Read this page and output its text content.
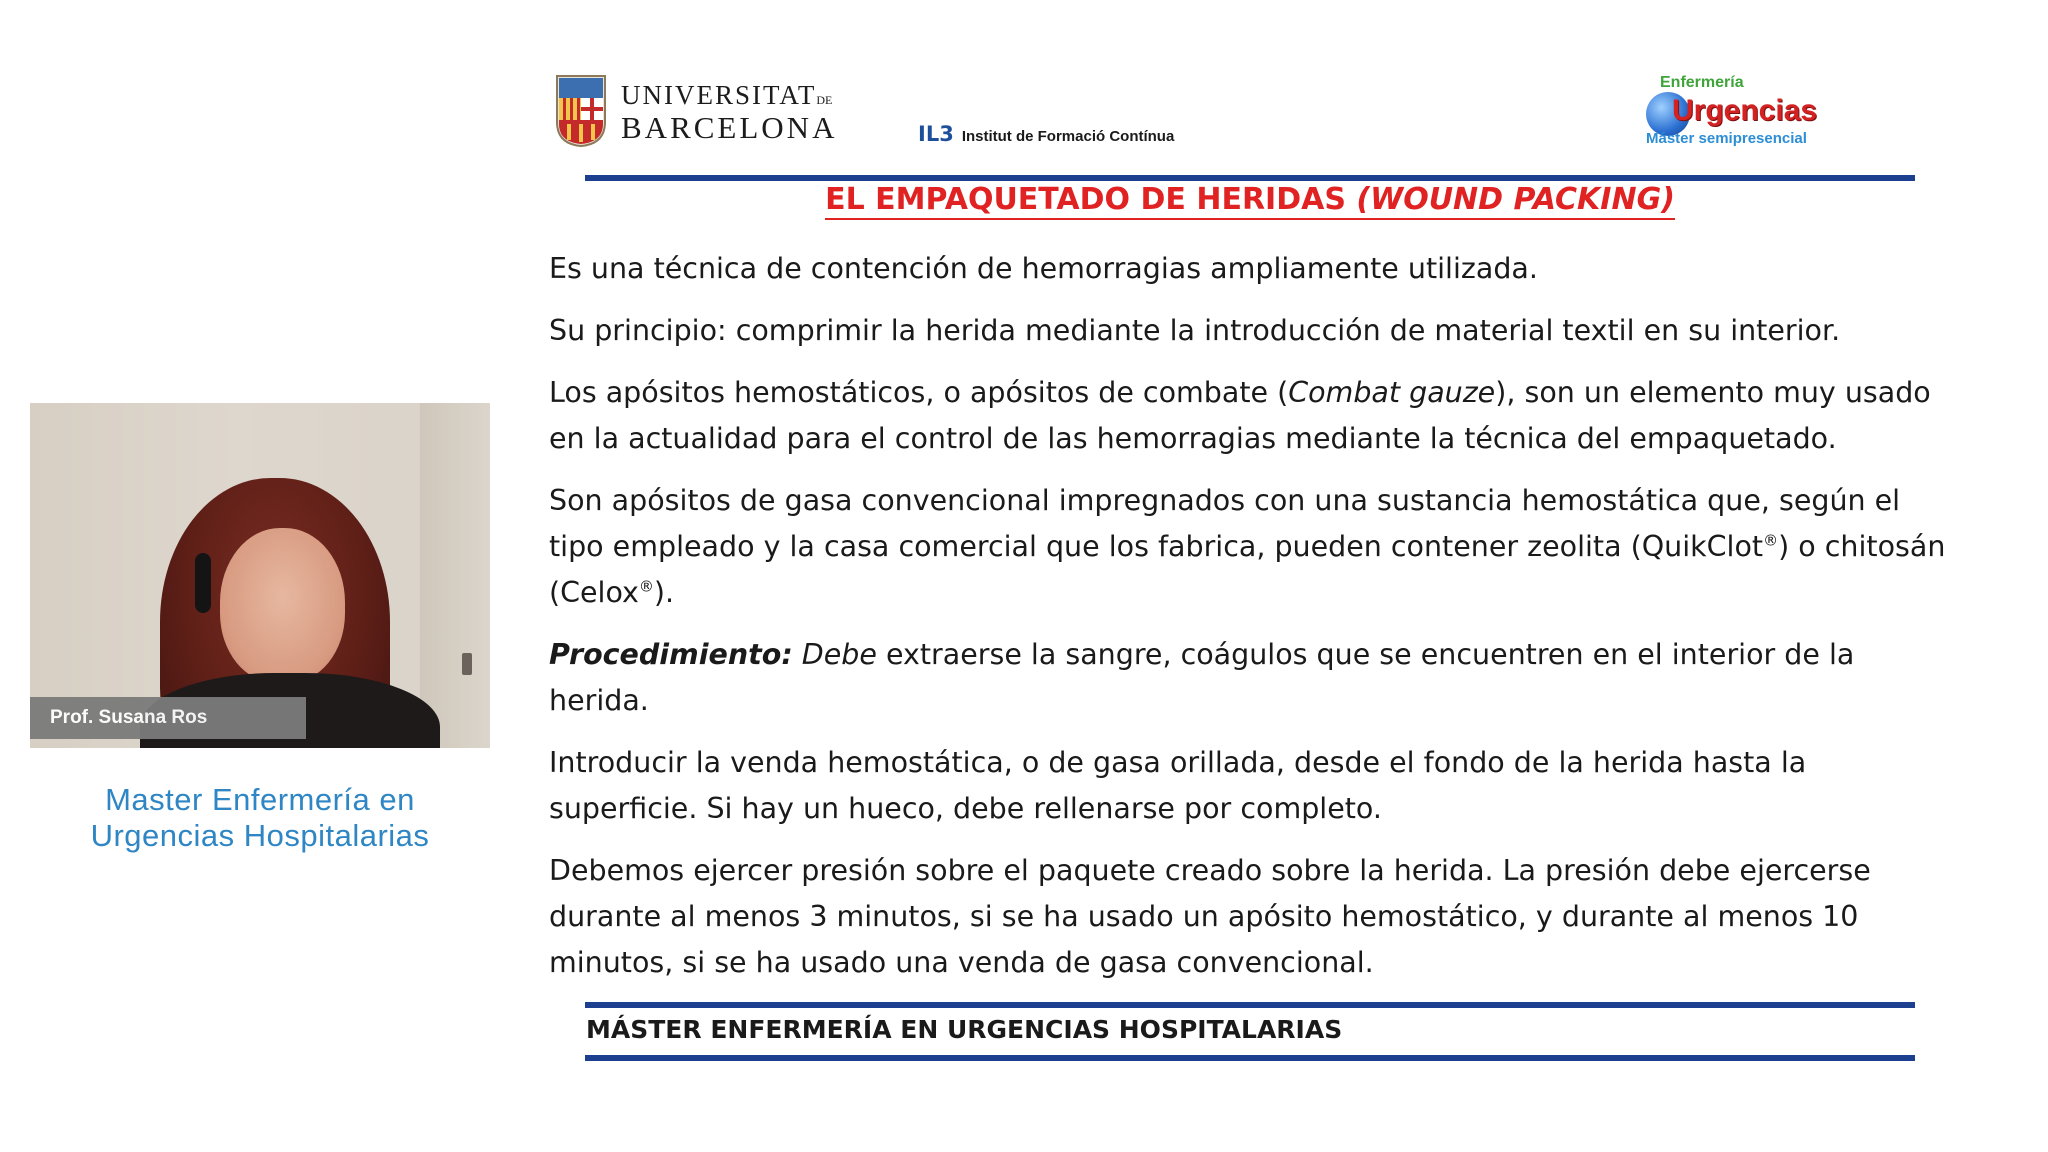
Prof. Susana Ros
Master Enfermería en
Urgencias Hospitalarias
UNIVERSITATDE
BARCELONA	IL3 Institut de Formació Contínua
Enfermería
Urgencias
Máster semipresencial
EL EMPAQUETADO DE HERIDAS (WOUND PACKING)

Es una técnica de contención de hemorragias ampliamente utilizada.

Su principio: comprimir la herida mediante la introducción de material textil en su interior.

Los apósitos hemostáticos, o apósitos de combate (Combat gauze), son un elemento muy usado en la actualidad para el control de las hemorragias mediante la técnica del empaquetado.

Son apósitos de gasa convencional impregnados con una sustancia hemostática que, según el tipo empleado y la casa comercial que los fabrica, pueden contener zeolita (QuikClot®) o chitosán (Celox®).

Procedimiento: Debe extraerse la sangre, coágulos que se encuentren en el interior de la herida.

Introducir la venda hemostática, o de gasa orillada, desde el fondo de la herida hasta la superficie. Si hay un hueco, debe rellenarse por completo.

Debemos ejercer presión sobre el paquete creado sobre la herida. La presión debe ejercerse durante al menos 3 minutos, si se ha usado un apósito hemostático, y durante al menos 10 minutos, si se ha usado una venda de gasa convencional.

MÁSTER ENFERMERÍA EN URGENCIAS HOSPITALARIAS
